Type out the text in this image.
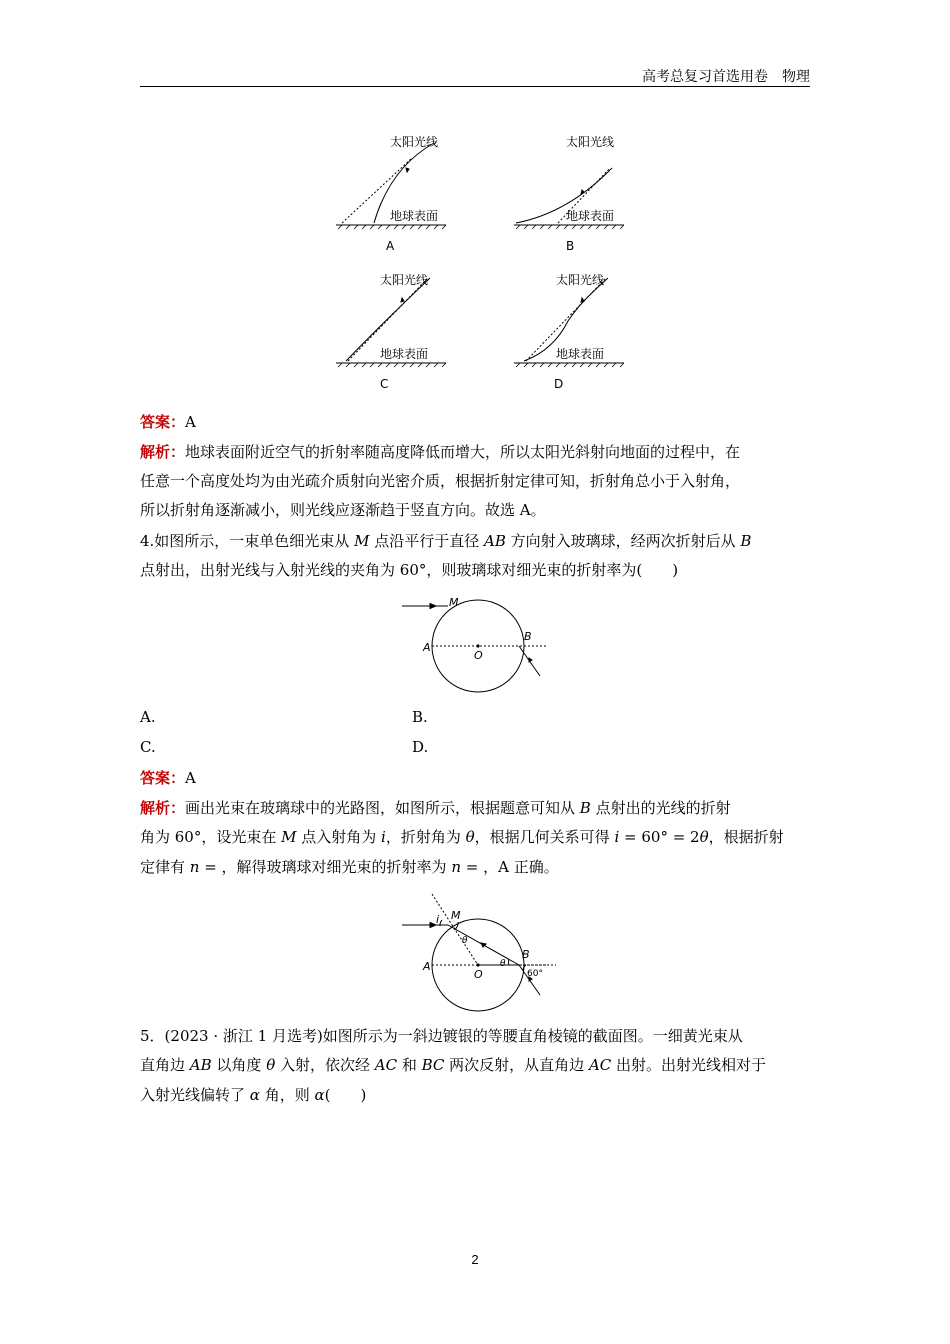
高考总复习首选用卷　物理
太阳光线
地球表面
A
太阳光线
地球表面
B
太阳光线
地球表面
C
太阳光线
地球表面
D
答案：A
解析：地球表面附近空气的折射率随高度降低而增大，所以太阳光斜射向地面的过程中，在
任意一个高度处均为由光疏介质射向光密介质，根据折射定律可知，折射角总小于入射角，
所以折射角逐渐减小，则光线应逐渐趋于竖直方向。故选 A。
4.如图所示，一束单色细光束从 M 点沿平行于直径 AB 方向射入玻璃球，经两次折射后从 B
点射出，出射光线与入射光线的夹角为 60°，则玻璃球对细光束的折射率为(　　)
M
A
O
B
A.	B.
C.	D.
答案：A
解析：画出光束在玻璃球中的光路图，如图所示，根据题意可知从 B 点射出的光线的折射
角为 60°，设光束在 M 点入射角为 i，折射角为 θ，根据几何关系可得 i = 60° = 2θ，根据折射
定律有 n = ，解得玻璃球对细光束的折射率为 n = ，A 正确。
i M
θ
A
O
B
θ
60°
5．(2023 · 浙江 1 月选考)如图所示为一斜边镀银的等腰直角棱镜的截面图。一细黄光束从
直角边 AB 以角度 θ 入射，依次经 AC 和 BC 两次反射，从直角边 AC 出射。出射光线相对于
入射光线偏转了 α 角，则 α(　　)
2
